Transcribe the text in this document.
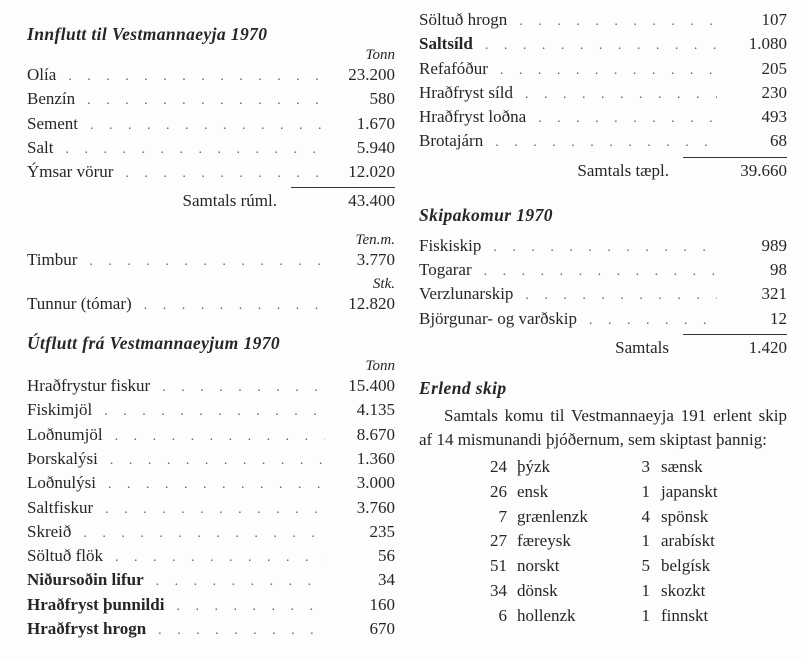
Innflutt til Vestmannaeyja 1970
Tonn
Olía . . .	23.200
Benzín . . .	580
Sement . . .	1.670
Salt . . .	5.940
Ýmsar vörur . . .	12.020
Samtals rúml.	43.400
Ten.m.
Timbur . . .	3.770
Stk.
Tunnur (tómar) . . .	12.820
Útflutt frá Vestmannaeyjum 1970
Tonn
Hraðfrystur fiskur . . .	15.400
Fiskimjöl . . .	4.135
Loðnumjöl . . .	8.670
Þorskalýsi . . .	1.360
Loðnulýsi . . .	3.000
Saltfiskur . . .	3.760
Skreið . . .	235
Söltuð flök . . .	56
Niðursoðin lifur . . .	34
Hraðfryst þunnildi . . .	160
Hraðfryst hrogn . . .	670
Söltuð hrogn . . .	107
Saltsíld . . .	1.080
Refafóður . . .	205
Hraðfryst síld . . .	230
Hraðfryst loðna . . .	493
Brotajárn . . .	68
Samtals tæpl.	39.660
Skipakomur 1970
Fiskiskip . . .	989
Togarar . . .	98
Verzlunarskip . . .	321
Björgunar- og varðskip . . .	12
Samtals	1.420
Erlend skip
Samtals komu til Vestmannaeyja 191 erlent skip af 14 mismunandi þjóðernum, sem skiptast þannig:
24 þýzk	3 sænsk
26 ensk	1 japanskt
7 grænlenzk	4 spönsk
27 færeysk	1 arabískt
51 norskt	5 belgísk
34 dönsk	1 skozkt
6 hollenzk	1 finnskt
